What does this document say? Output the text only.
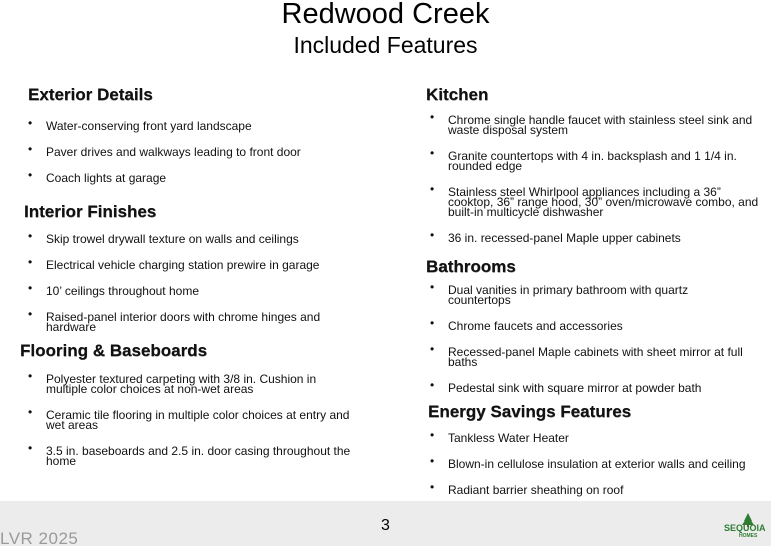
Redwood Creek
Included Features
Exterior Details
• Water-conserving front yard landscape
• Paver drives and walkways leading to front door
• Coach lights at garage
Interior Finishes
• Skip trowel drywall texture on walls and ceilings
• Electrical vehicle charging station prewire in garage
• 10’ ceilings throughout home
• Raised-panel interior doors with chrome hinges and hardware
Flooring & Baseboards
• Polyester textured carpeting with 3/8 in. Cushion in multiple color choices at non-wet areas
• Ceramic tile flooring in multiple color choices at entry and wet areas
• 3.5 in. baseboards and 2.5 in. door casing throughout the home
Kitchen
• Chrome single handle faucet with stainless steel sink and waste disposal system
• Granite countertops with 4 in. backsplash and 1 1/4 in. rounded edge
• Stainless steel Whirlpool appliances including a 36” cooktop, 36” range hood, 30” oven/microwave combo, and built-in multicycle dishwasher
• 36 in. recessed-panel Maple upper cabinets
Bathrooms
• Dual vanities in primary bathroom with quartz countertops
• Chrome faucets and accessories
• Recessed-panel Maple cabinets with sheet mirror at full baths
• Pedestal sink with square mirror at powder bath
Energy Savings Features
• Tankless Water Heater
• Blown-in cellulose insulation at exterior walls and ceiling
• Radiant barrier sheathing on roof
3
LVR 2025
SEQUOIA
HOMES
